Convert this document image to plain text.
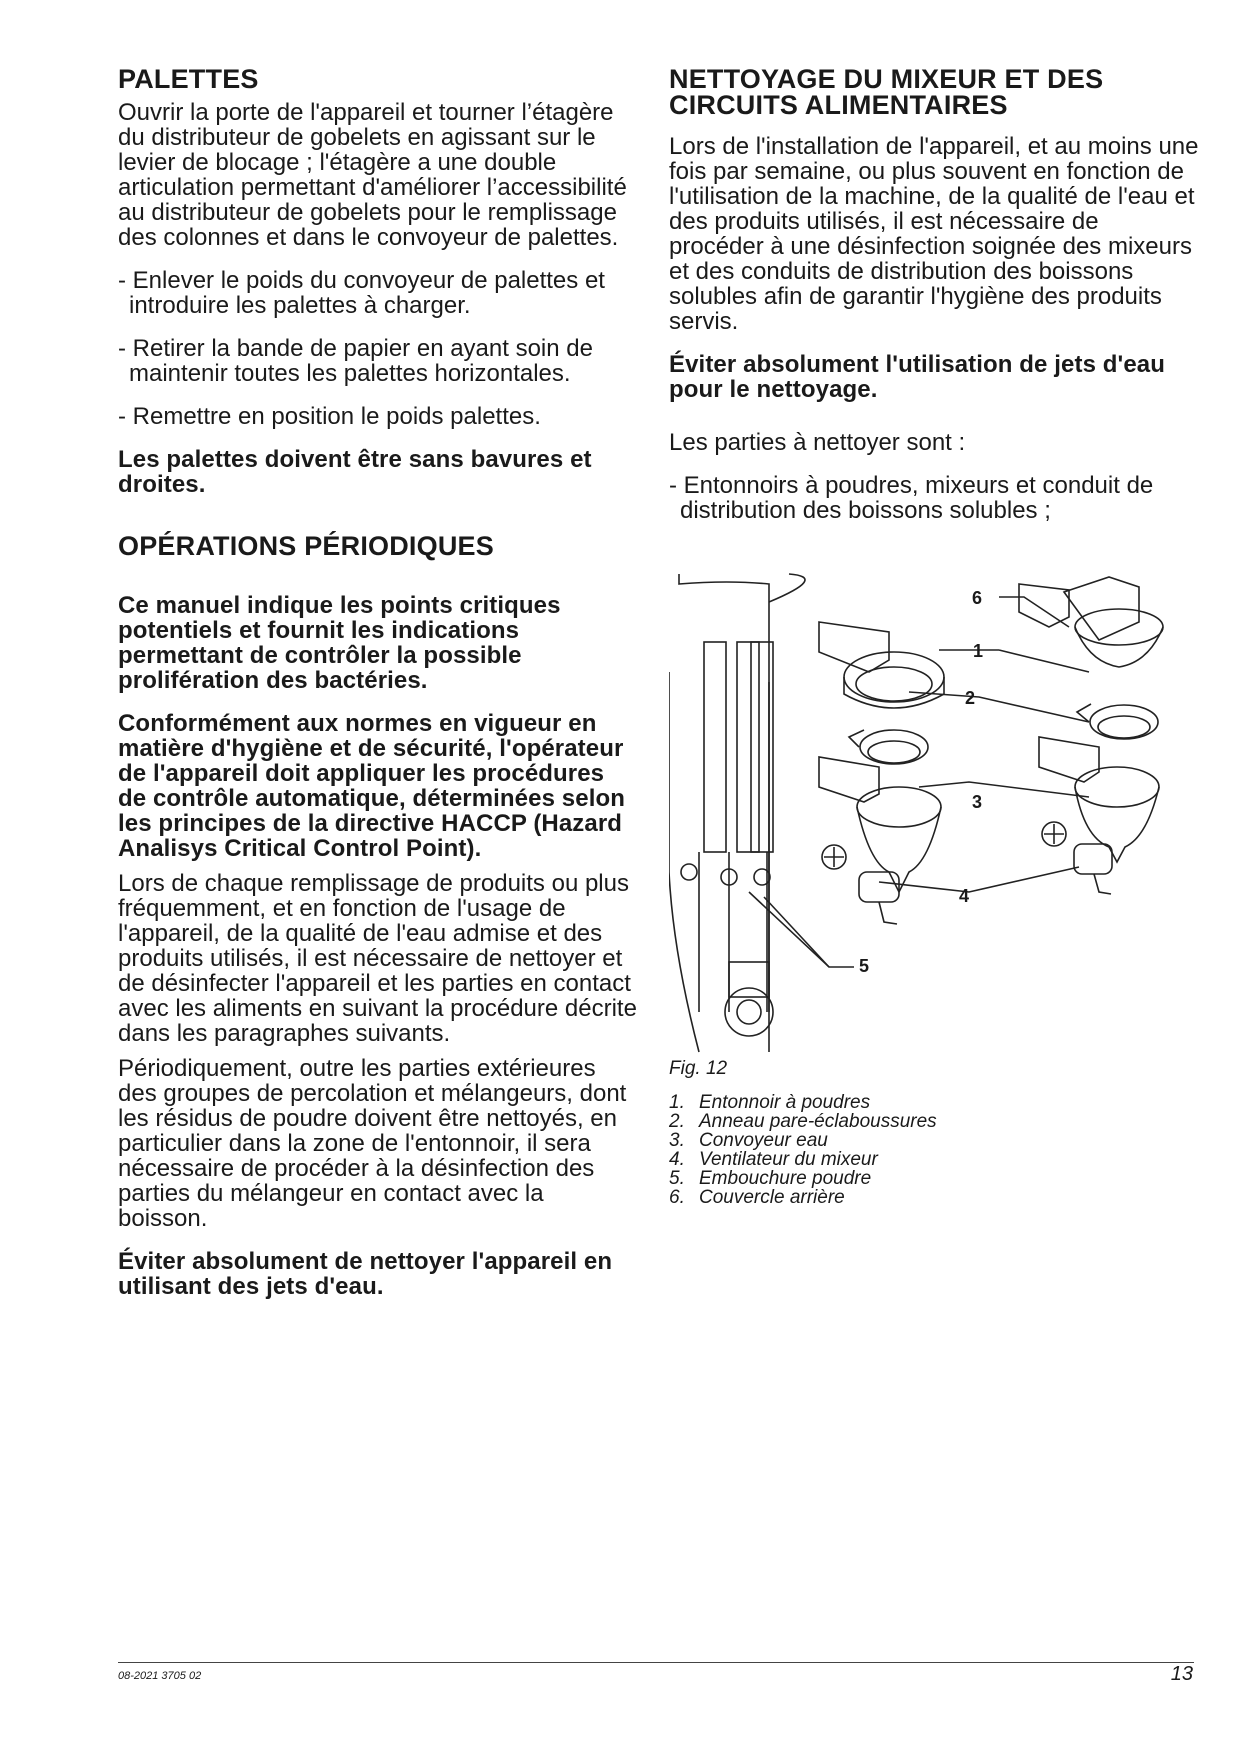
PALETTES

Ouvrir la porte de l'appareil et tourner l’étagère du distributeur de gobelets en agissant sur le levier de blocage ; l'étagère a une double articulation permettant d'améliorer l’accessibilité au distributeur de gobelets pour le remplissage des colonnes et dans le convoyeur de palettes.

- Enlever le poids du convoyeur de palettes et introduire les palettes à charger.
- Retirer la bande de papier en ayant soin de maintenir toutes les palettes horizontales.
- Remettre en position le poids palettes.

Les palettes doivent être sans bavures et droites.

OPÉRATIONS PÉRIODIQUES

Ce manuel indique les points critiques potentiels et fournit les indications permettant de contrôler la possible prolifération des bactéries.

Conformément aux normes en vigueur en matière d'hygiène et de sécurité, l'opérateur de l'appareil doit appliquer les procédures de contrôle automatique, déterminées selon les principes de la directive HACCP (Hazard Analisys Critical Control Point).

Lors de chaque remplissage de produits ou plus fréquemment, et en fonction de l'usage de l'appareil, de la qualité de l'eau admise et des produits utilisés, il est nécessaire de nettoyer et de désinfecter l'appareil et les parties en contact avec les aliments en suivant la procédure décrite dans les paragraphes suivants.

Périodiquement, outre les parties extérieures des groupes de percolation et mélangeurs, dont les résidus de poudre doivent être nettoyés, en particulier dans la zone de l'entonnoir, il sera nécessaire de procéder à la désinfection des parties du mélangeur en contact avec la boisson.

Éviter absolument de nettoyer l'appareil en utilisant des jets d'eau.

NETTOYAGE DU MIXEUR ET DES CIRCUITS ALIMENTAIRES

Lors de l'installation de l'appareil, et au moins une fois par semaine, ou plus souvent en fonction de l'utilisation de la machine, de la qualité de l'eau et des produits utilisés, il est nécessaire de procéder à une désinfection soignée des mixeurs et des conduits de distribution des boissons solubles afin de garantir l'hygiène des produits servis.

Éviter absolument l'utilisation de jets d'eau pour le nettoyage.

Les parties à nettoyer sont :

- Entonnoirs à poudres, mixeurs et conduit de distribution des boissons solubles ;
6
1
2
3
4
5
Fig. 12
1. Entonnoir à poudres
2. Anneau pare-éclaboussures
3. Convoyeur eau
4. Ventilateur du mixeur
5. Embouchure poudre
6. Couvercle arrière
08-2021 3705 02	13
